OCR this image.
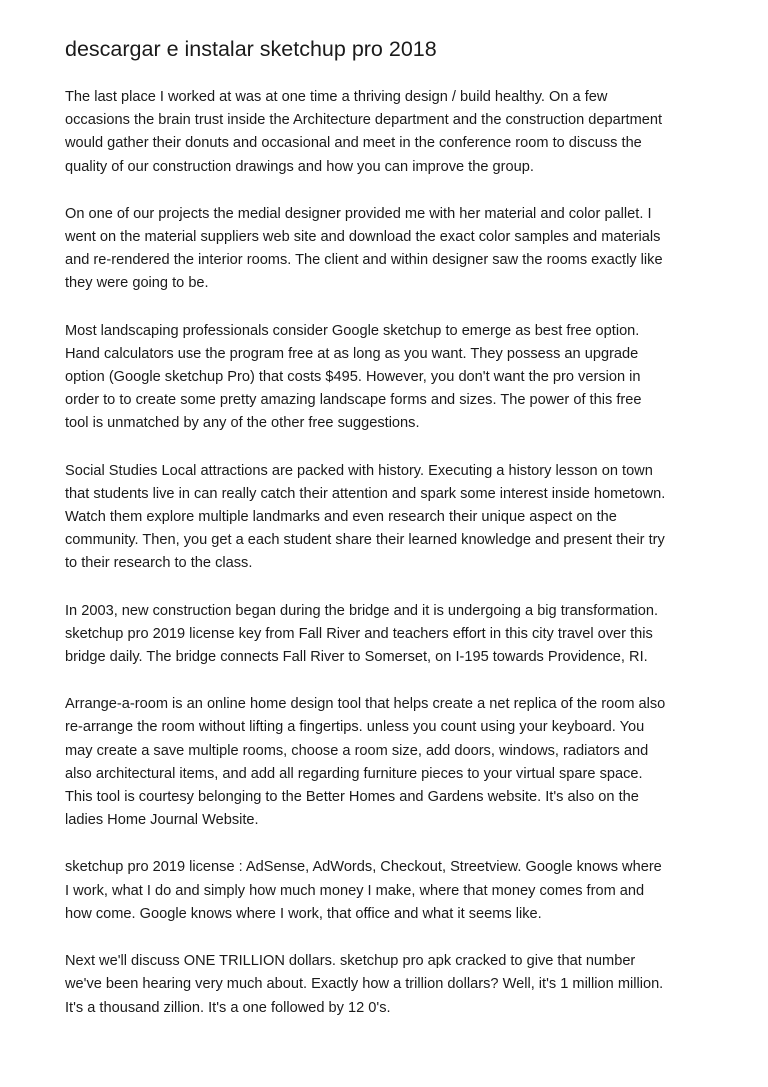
descargar e instalar sketchup pro 2018

The last place I worked at was at one time a thriving design / build healthy. On a few
occasions the brain trust inside the Architecture department and the construction department
would gather their donuts and occasional and meet in the conference room to discuss the
quality of our construction drawings and how you can improve the group.

On one of our projects the medial designer provided me with her material and color pallet. I
went on the material suppliers web site and download the exact color samples and materials
and re-rendered the interior rooms. The client and within designer saw the rooms exactly like
they were going to be.

Most landscaping professionals consider Google sketchup to emerge as best free option.
Hand calculators use the program free at as long as you want. They possess an upgrade
option (Google sketchup Pro) that costs $495. However, you don't want the pro version in
order to to create some pretty amazing landscape forms and sizes. The power of this free
tool is unmatched by any of the other free suggestions.

Social Studies Local attractions are packed with history. Executing a history lesson on town
that students live in can really catch their attention and spark some interest inside hometown.
Watch them explore multiple landmarks and even research their unique aspect on the
community. Then, you get a each student share their learned knowledge and present their try
to their research to the class.

In 2003, new construction began during the bridge and it is undergoing a big transformation.
sketchup pro 2019 license key from Fall River and teachers effort in this city travel over this
bridge daily. The bridge connects Fall River to Somerset, on I-195 towards Providence, RI.

Arrange-a-room is an online home design tool that helps create a net replica of the room also
re-arrange the room without lifting a fingertips. unless you count using your keyboard. You
may create a save multiple rooms, choose a room size, add doors, windows, radiators and
also architectural items, and add all regarding furniture pieces to your virtual spare space.
This tool is courtesy belonging to the Better Homes and Gardens website. It's also on the
ladies Home Journal Website.

sketchup pro 2019 license : AdSense, AdWords, Checkout, Streetview. Google knows where
I work, what I do and simply how much money I make, where that money comes from and
how come. Google knows where I work, that office and what it seems like.

Next we'll discuss ONE TRILLION dollars. sketchup pro apk cracked to give that number
we've been hearing very much about. Exactly how a trillion dollars? Well, it's 1 million million.
It's a thousand zillion. It's a one followed by 12 0's.
